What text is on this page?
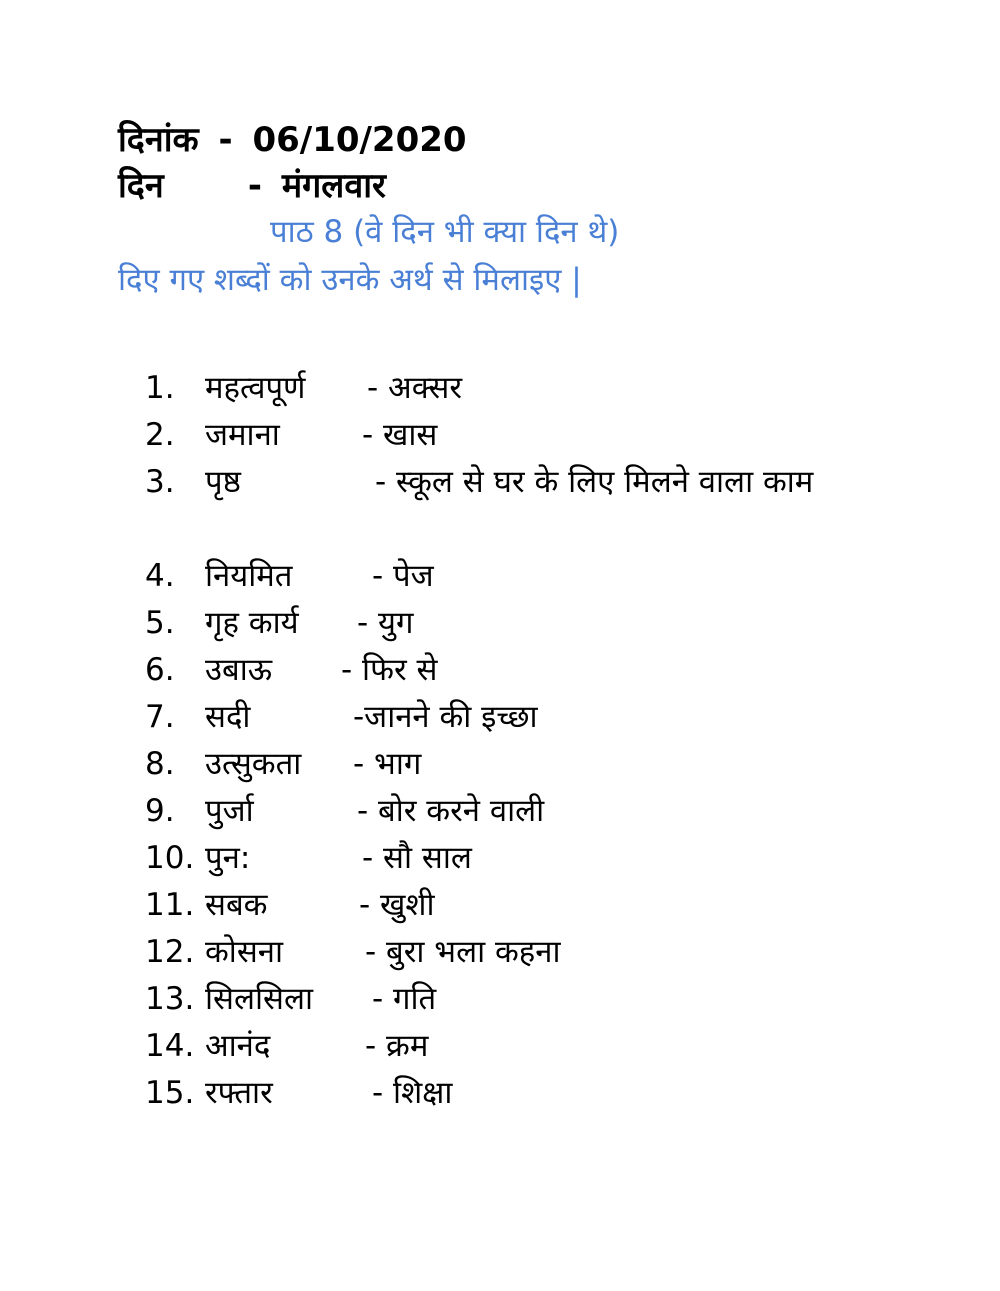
दिनांक - 06/10/2020
दिन - मंगलवार
पाठ 8 (वे दिन भी क्या दिन थे)
दिए गए शब्दों को उनके अर्थ से मिलाइए |
1. महत्वपूर्ण - अक्सर
2. जमाना	- खास
3. पृष्ठ	- स्कूल से घर के लिए मिलने वाला काम
4. नियमित	- पेज
5. गृह कार्य - युग
6. उबाऊ - फिर से
7. सदी	-जानने की इच्छा
8. उत्सुकता - भाग
9. पुर्जा	- बोर करने वाली
10. पुन:	- सौ साल
11. सबक	- खुशी
12. कोसना	- बुरा भला कहना
13. सिलसिला - गति
14. आनंद	- क्रम
15. रफ्तार	- शिक्षा
